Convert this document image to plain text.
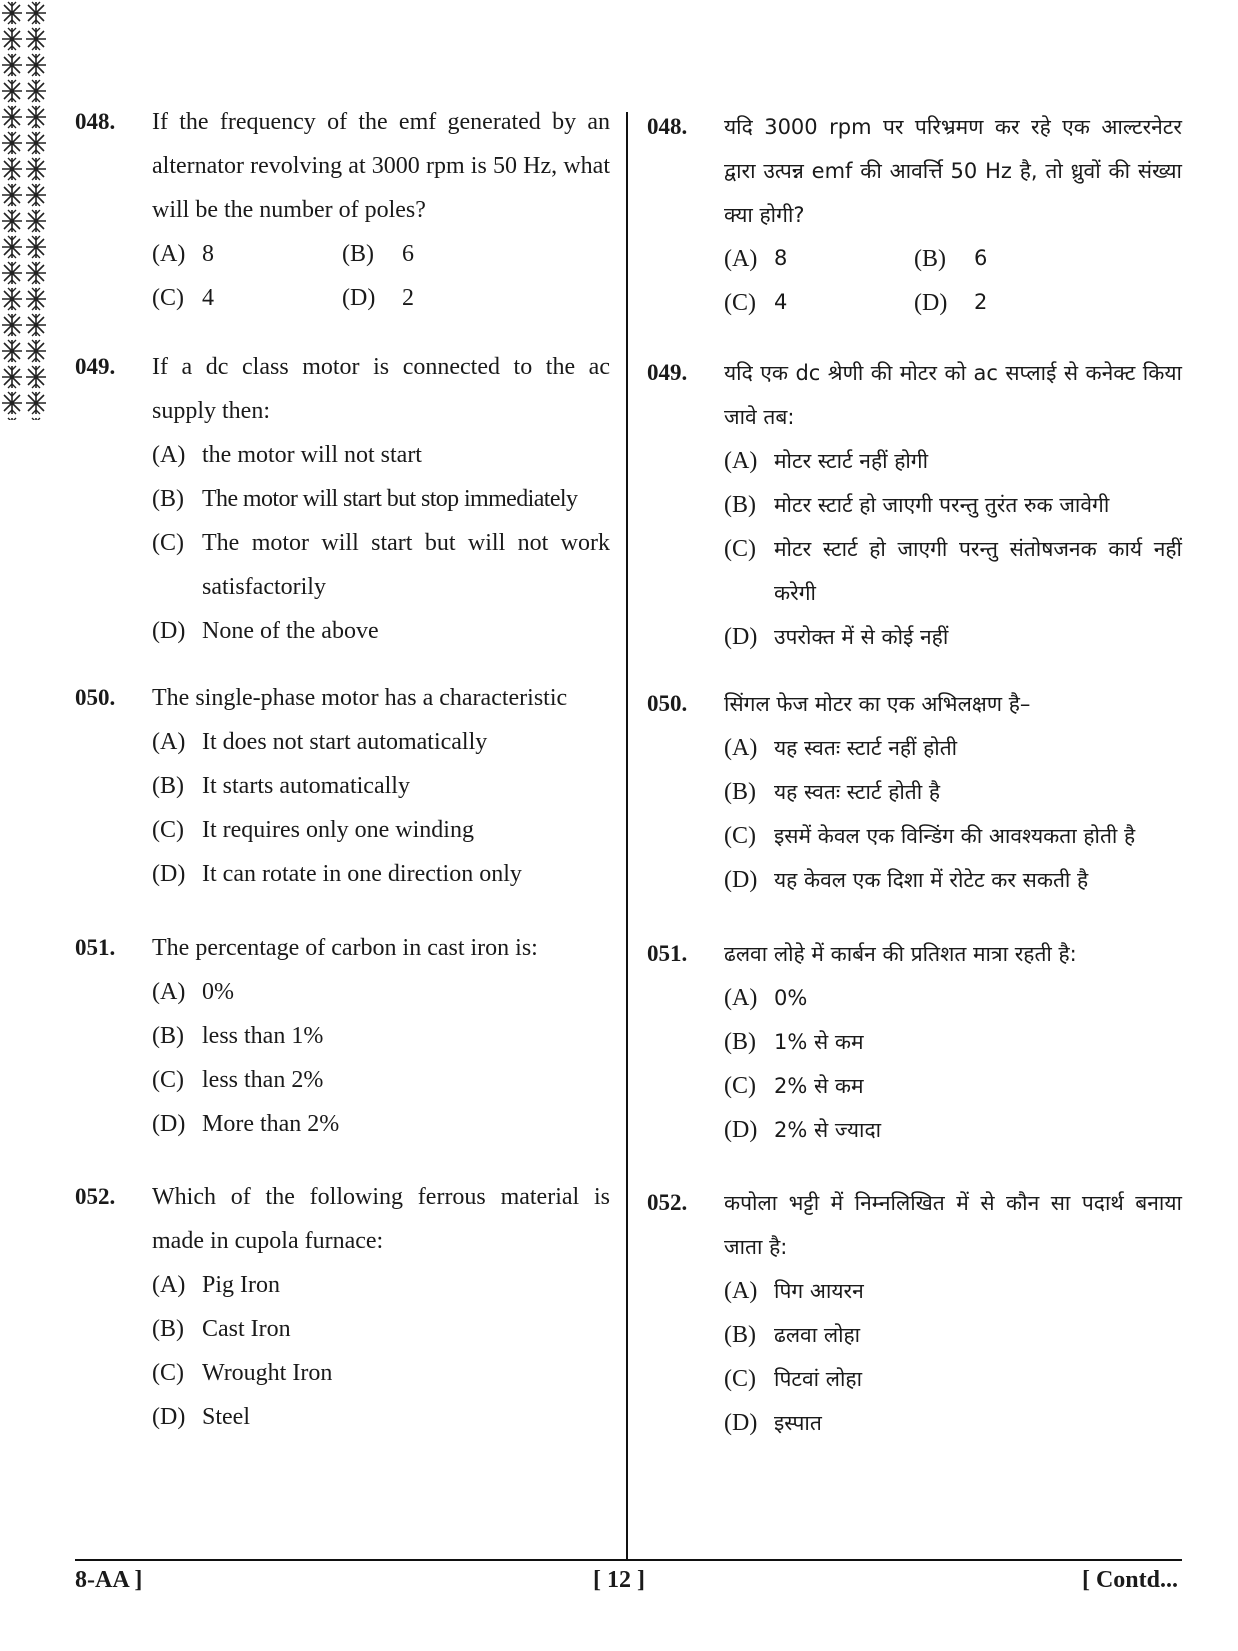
048.	If the frequency of the emf generated by an alternator revolving at 3000 rpm is 50 Hz, what will be the number of poles?
(A) 8	(B)	6
(C) 4	(D)	2
049.	If a dc class motor is connected to the ac supply then:
(A) the motor will not start
(B) The motor will start but stop immediately
(C) The motor will start but will not work satisfactorily
(D) None of the above
050.	The single-phase motor has a characteristic
(A) It does not start automatically
(B) It starts automatically
(C) It requires only one winding
(D) It can rotate in one direction only
051.	The percentage of carbon in cast iron is:
(A) 0%
(B) less than 1%
(C) less than 2%
(D) More than 2%
052.	Which of the following ferrous material is made in cupola furnace:
(A) Pig Iron
(B) Cast Iron
(C) Wrought Iron
(D) Steel
048.	यदि 3000 rpm पर परिभ्रमण कर रहे एक आल्टरनेटर द्वारा उत्पन्न emf की आवर्त्ति 50 Hz है, तो ध्रुवों की संख्या क्या होगी?
(A) 8	(B)	6
(C) 4	(D)	2
049.	यदि एक dc श्रेणी की मोटर को ac सप्लाई से कनेक्ट किया जावे तब:
(A) मोटर स्टार्ट नहीं होगी
(B) मोटर स्टार्ट हो जाएगी परन्तु तुरंत रुक जावेगी
(C) मोटर स्टार्ट हो जाएगी परन्तु संतोषजनक कार्य नहीं करेगी
(D) उपरोक्त में से कोई नहीं
050.	सिंगल फेज मोटर का एक अभिलक्षण है–
(A) यह स्वतः स्टार्ट नहीं होती
(B) यह स्वतः स्टार्ट होती है
(C) इसमें केवल एक विन्डिंग की आवश्यकता होती है
(D) यह केवल एक दिशा में रोटेट कर सकती है
051.	ढलवा लोहे में कार्बन की प्रतिशत मात्रा रहती है:
(A) 0%
(B) 1% से कम
(C) 2% से कम
(D) 2% से ज्यादा
052.	कपोला भट्टी में निम्नलिखित में से कौन सा पदार्थ बनाया जाता है:
(A) पिग आयरन
(B) ढलवा लोहा
(C) पिटवां लोहा
(D) इस्पात
8-AA ]	[ 12 ]	[ Contd...
